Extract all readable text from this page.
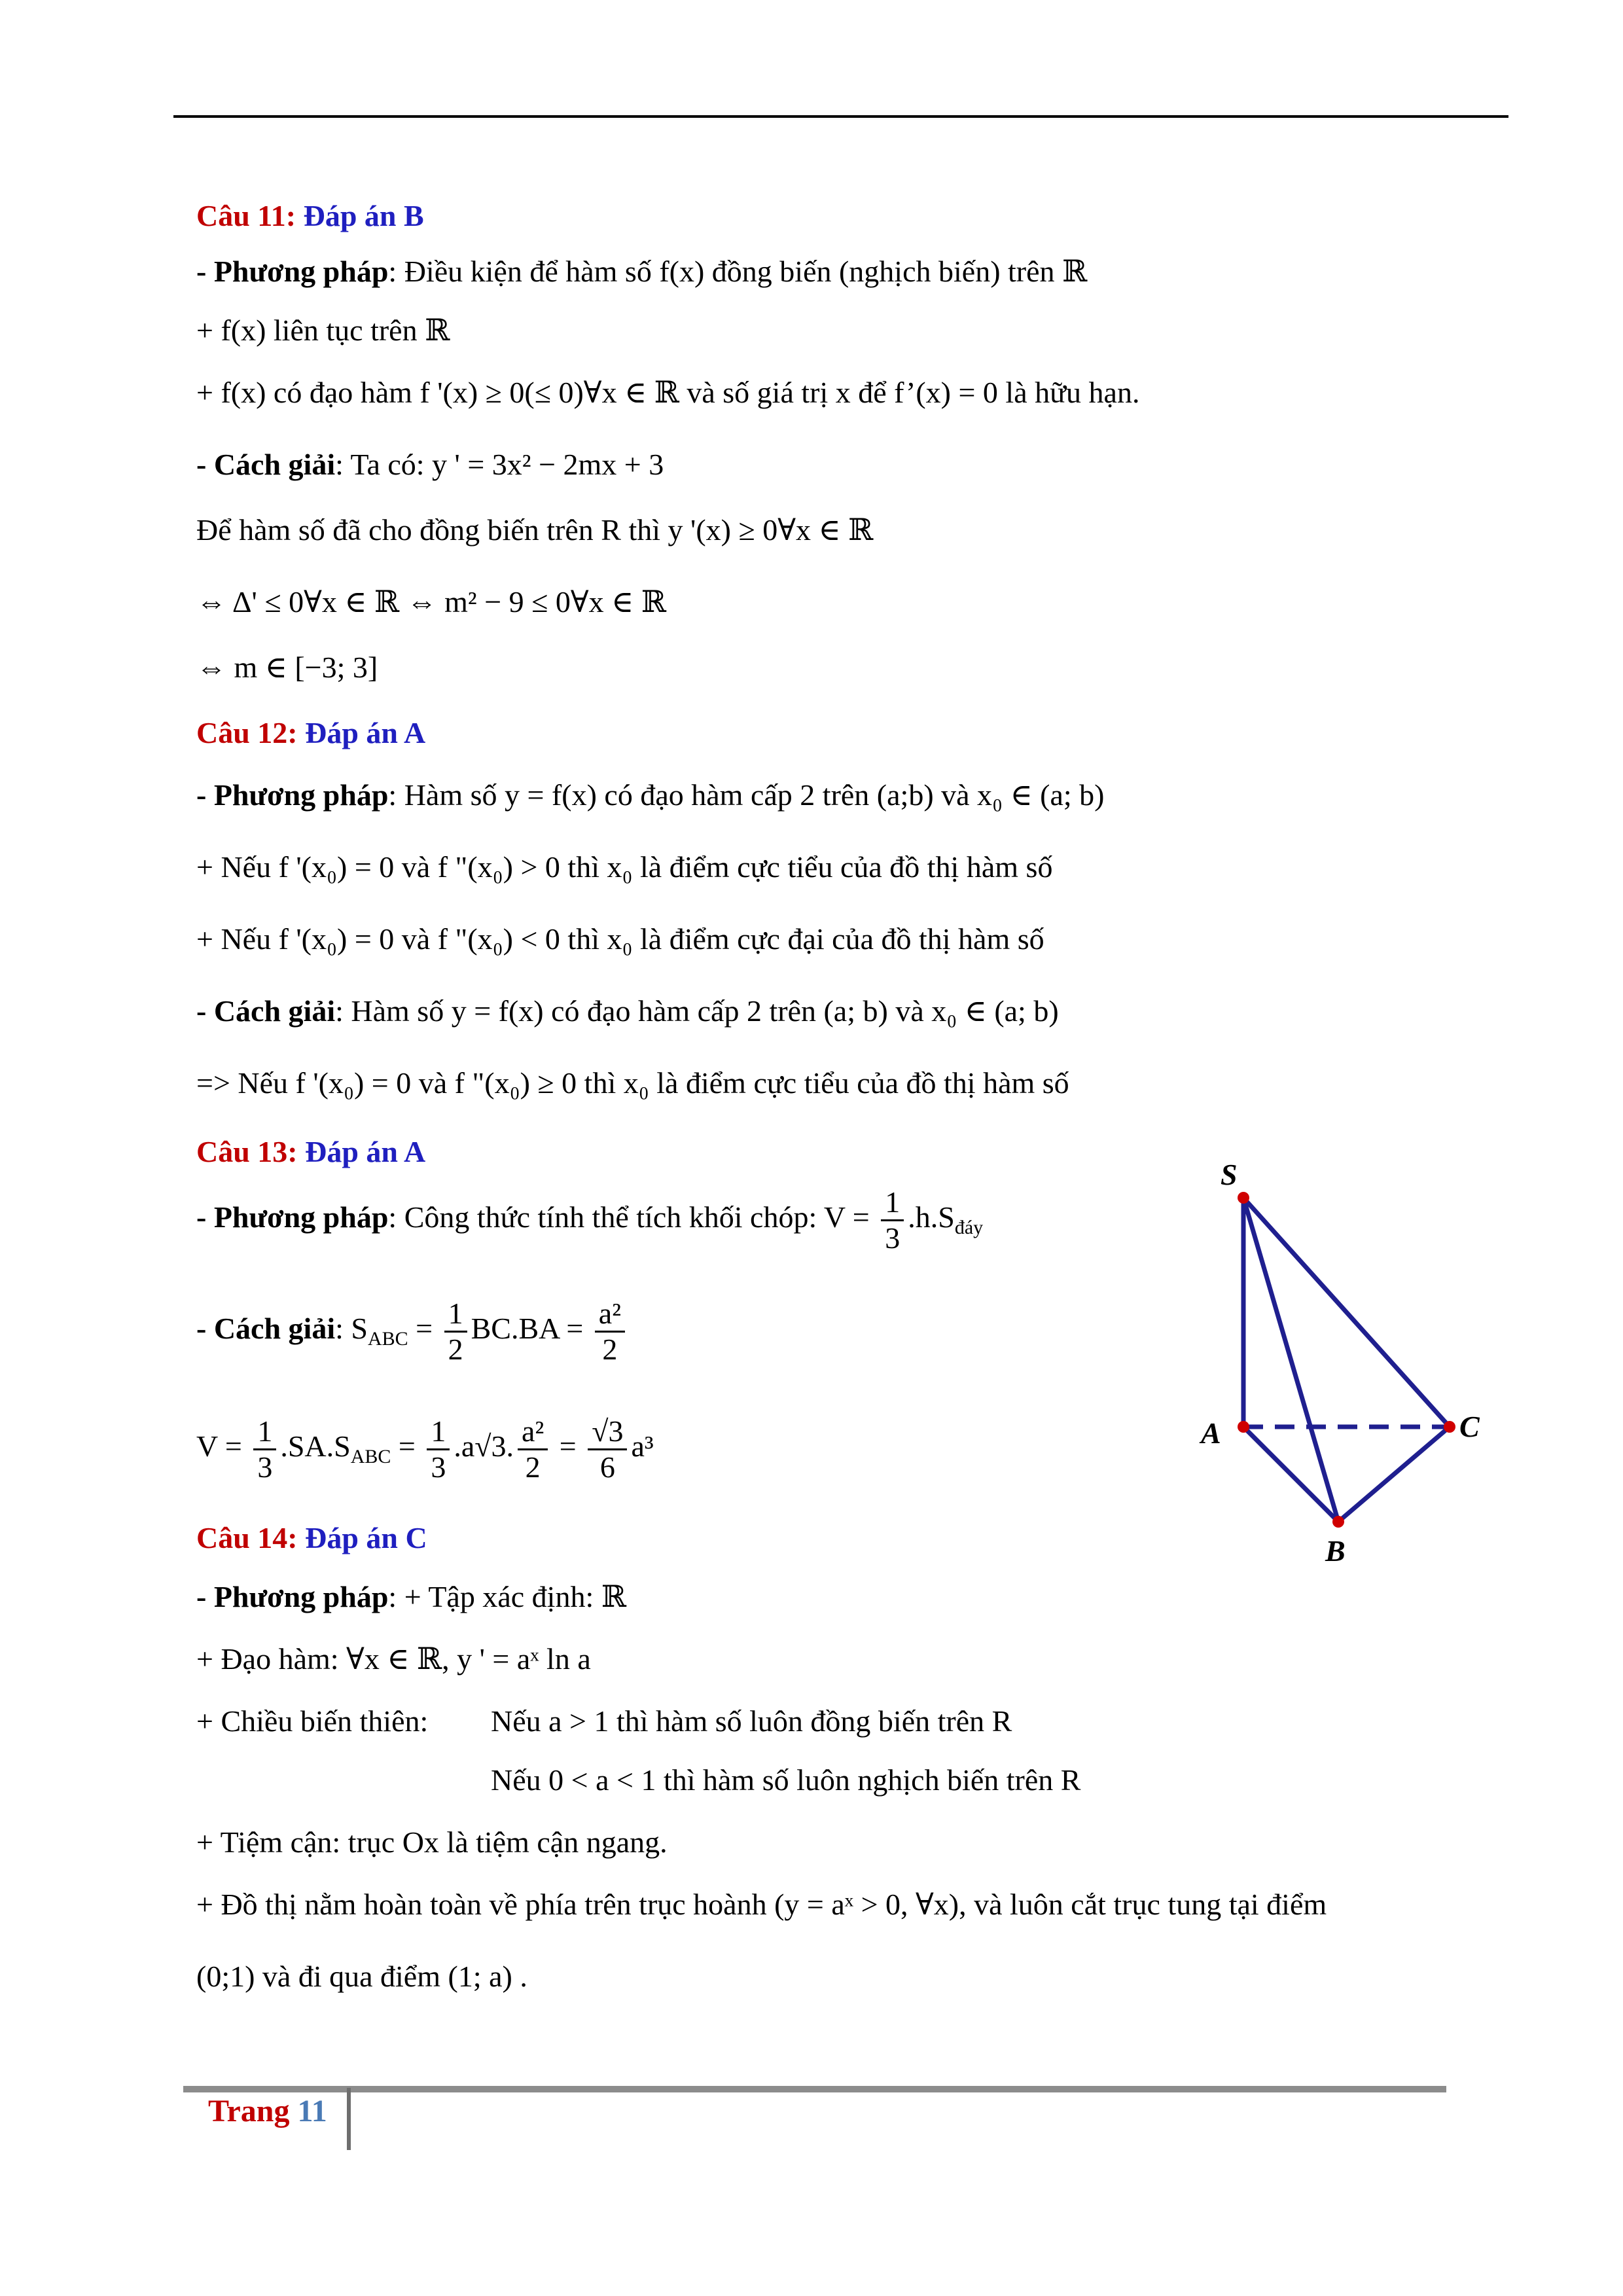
Câu 11: Đáp án B
- Phương pháp: Điều kiện để hàm số f(x) đồng biến (nghịch biến) trên ℝ
+ f(x) liên tục trên ℝ
+ f(x) có đạo hàm f '(x) ≥ 0(≤ 0)∀x ∈ ℝ và số giá trị x để f’(x) = 0 là hữu hạn.
- Cách giải: Ta có: y ' = 3x² − 2mx + 3
Để hàm số đã cho đồng biến trên R thì y '(x) ≥ 0∀x ∈ ℝ
⇔ Δ' ≤ 0∀x ∈ ℝ ⇔ m² − 9 ≤ 0∀x ∈ ℝ
⇔ m ∈ [−3; 3]
Câu 12: Đáp án A
- Phương pháp: Hàm số y = f(x) có đạo hàm cấp 2 trên (a;b) và x₀ ∈ (a; b)
+ Nếu f '(x₀) = 0 và f "(x₀) > 0 thì x₀ là điểm cực tiểu của đồ thị hàm số
+ Nếu f '(x₀) = 0 và f "(x₀) < 0 thì x₀ là điểm cực đại của đồ thị hàm số
- Cách giải: Hàm số y = f(x) có đạo hàm cấp 2 trên (a; b) và x₀ ∈ (a; b)
=> Nếu f '(x₀) = 0 và f "(x₀) ≥ 0 thì x₀ là điểm cực tiểu của đồ thị hàm số
Câu 13: Đáp án A
- Phương pháp: Công thức tính thể tích khối chóp: $V = \frac{1}{3} .h.S_{đáy}$
- Cách giải: $S_{ABC} = \frac{1}{2} BC.BA = \frac{\text{a²}}{2}$
$V = \frac{1}{3} .SA.S_{ABC} = \frac{1}{3} .a√3$. $\frac{\text{a²}}{2} = \frac{√3}{6} a^3$
S
A	C
B
Câu 14: Đáp án C
- Phương pháp: + Tập xác định: ℝ
+ Đạo hàm: ∀x ∈ ℝ, y ' = aˣ ln a
+ Chiều biến thiên: Nếu a > 1 thì hàm số luôn đồng biến trên R
Nếu 0 < a < 1 thì hàm số luôn nghịch biến trên R
+ Tiệm cận: trục Ox là tiệm cận ngang.
+ Đồ thị nằm hoàn toàn về phía trên trục hoành (y = aˣ > 0, ∀x), và luôn cắt trục tung tại điểm
(0;1) và đi qua điểm (1; a) .
Trang 11
